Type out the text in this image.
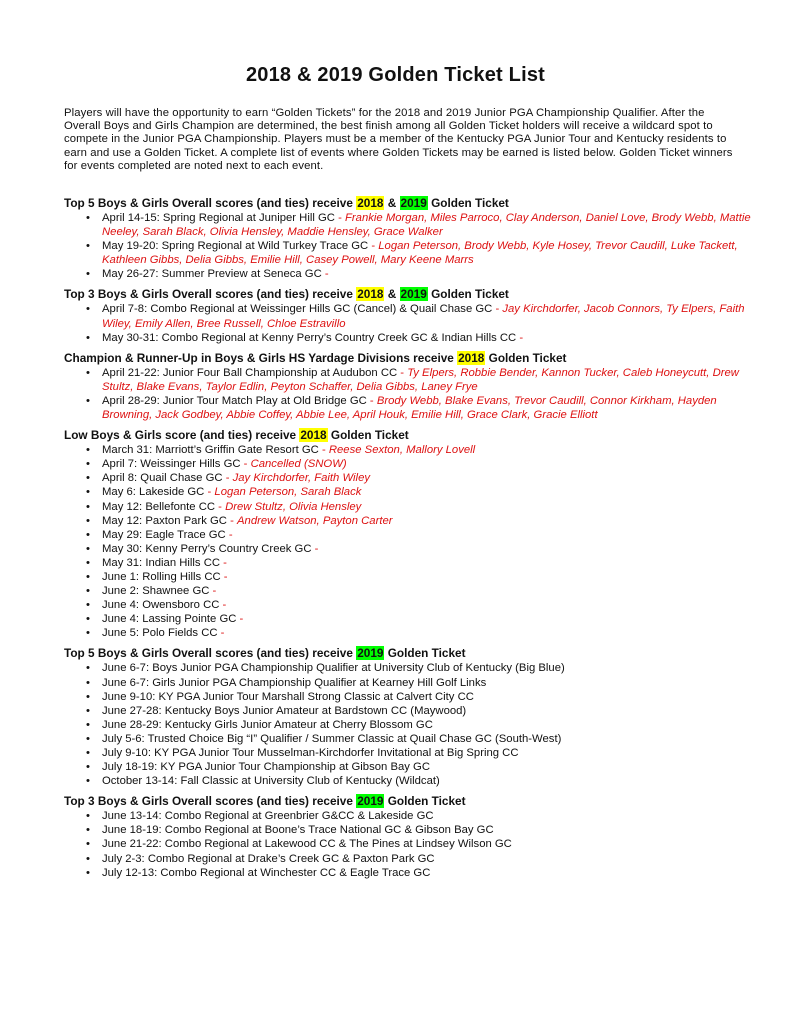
2018 & 2019 Golden Ticket List
Players will have the opportunity to earn “Golden Tickets” for the 2018 and 2019 Junior PGA Championship Qualifier. After the Overall Boys and Girls Champion are determined, the best finish among all Golden Ticket holders will receive a wildcard spot to compete in the Junior PGA Championship. Players must be a member of the Kentucky PGA Junior Tour and Kentucky residents to earn and use a Golden Ticket. A complete list of events where Golden Tickets may be earned is listed below. Golden Ticket winners for events completed are noted next to each event.
Top 5 Boys & Girls Overall scores (and ties) receive 2018 & 2019 Golden Ticket
• April 14-15: Spring Regional at Juniper Hill GC - Frankie Morgan, Miles Parroco, Clay Anderson, Daniel Love, Brody Webb, Mattie Neeley, Sarah Black, Olivia Hensley, Maddie Hensley, Grace Walker
• May 19-20: Spring Regional at Wild Turkey Trace GC - Logan Peterson, Brody Webb, Kyle Hosey, Trevor Caudill, Luke Tackett, Kathleen Gibbs, Delia Gibbs, Emilie Hill, Casey Powell, Mary Keene Marrs
• May 26-27: Summer Preview at Seneca GC -
Top 3 Boys & Girls Overall scores (and ties) receive 2018 & 2019 Golden Ticket
• April 7-8: Combo Regional at Weissinger Hills GC (Cancel) & Quail Chase GC - Jay Kirchdorfer, Jacob Connors, Ty Elpers, Faith Wiley, Emily Allen, Bree Russell, Chloe Estravillo
• May 30-31: Combo Regional at Kenny Perry’s Country Creek GC & Indian Hills CC -
Champion & Runner-Up in Boys & Girls HS Yardage Divisions receive 2018 Golden Ticket
• April 21-22: Junior Four Ball Championship at Audubon CC - Ty Elpers, Robbie Bender, Kannon Tucker, Caleb Honeycutt, Drew Stultz, Blake Evans, Taylor Edlin, Peyton Schaffer, Delia Gibbs, Laney Frye
• April 28-29: Junior Tour Match Play at Old Bridge GC - Brody Webb, Blake Evans, Trevor Caudill, Connor Kirkham, Hayden Browning, Jack Godbey, Abbie Coffey, Abbie Lee, April Houk, Emilie Hill, Grace Clark, Gracie Elliott
Low Boys & Girls score (and ties) receive 2018 Golden Ticket
• March 31: Marriott’s Griffin Gate Resort GC - Reese Sexton, Mallory Lovell
• April 7: Weissinger Hills GC - Cancelled (SNOW)
• April 8: Quail Chase GC - Jay Kirchdorfer, Faith Wiley
• May 6: Lakeside GC - Logan Peterson, Sarah Black
• May 12: Bellefonte CC - Drew Stultz, Olivia Hensley
• May 12: Paxton Park GC - Andrew Watson, Payton Carter
• May 29: Eagle Trace GC -
• May 30: Kenny Perry’s Country Creek GC -
• May 31: Indian Hills CC -
• June 1: Rolling Hills CC -
• June 2: Shawnee GC -
• June 4: Owensboro CC -
• June 4: Lassing Pointe GC -
• June 5: Polo Fields CC -
Top 5 Boys & Girls Overall scores (and ties) receive 2019 Golden Ticket
• June 6-7: Boys Junior PGA Championship Qualifier at University Club of Kentucky (Big Blue)
• June 6-7: Girls Junior PGA Championship Qualifier at Kearney Hill Golf Links
• June 9-10: KY PGA Junior Tour Marshall Strong Classic at Calvert City CC
• June 27-28: Kentucky Boys Junior Amateur at Bardstown CC (Maywood)
• June 28-29: Kentucky Girls Junior Amateur at Cherry Blossom GC
• July 5-6: Trusted Choice Big “I” Qualifier / Summer Classic at Quail Chase GC (South-West)
• July 9-10: KY PGA Junior Tour Musselman-Kirchdorfer Invitational at Big Spring CC
• July 18-19: KY PGA Junior Tour Championship at Gibson Bay GC
• October 13-14: Fall Classic at University Club of Kentucky (Wildcat)
Top 3 Boys & Girls Overall scores (and ties) receive 2019 Golden Ticket
• June 13-14: Combo Regional at Greenbrier G&CC & Lakeside GC
• June 18-19: Combo Regional at Boone’s Trace National GC & Gibson Bay GC
• June 21-22: Combo Regional at Lakewood CC & The Pines at Lindsey Wilson GC
• July 2-3: Combo Regional at Drake’s Creek GC & Paxton Park GC
• July 12-13: Combo Regional at Winchester CC & Eagle Trace GC
